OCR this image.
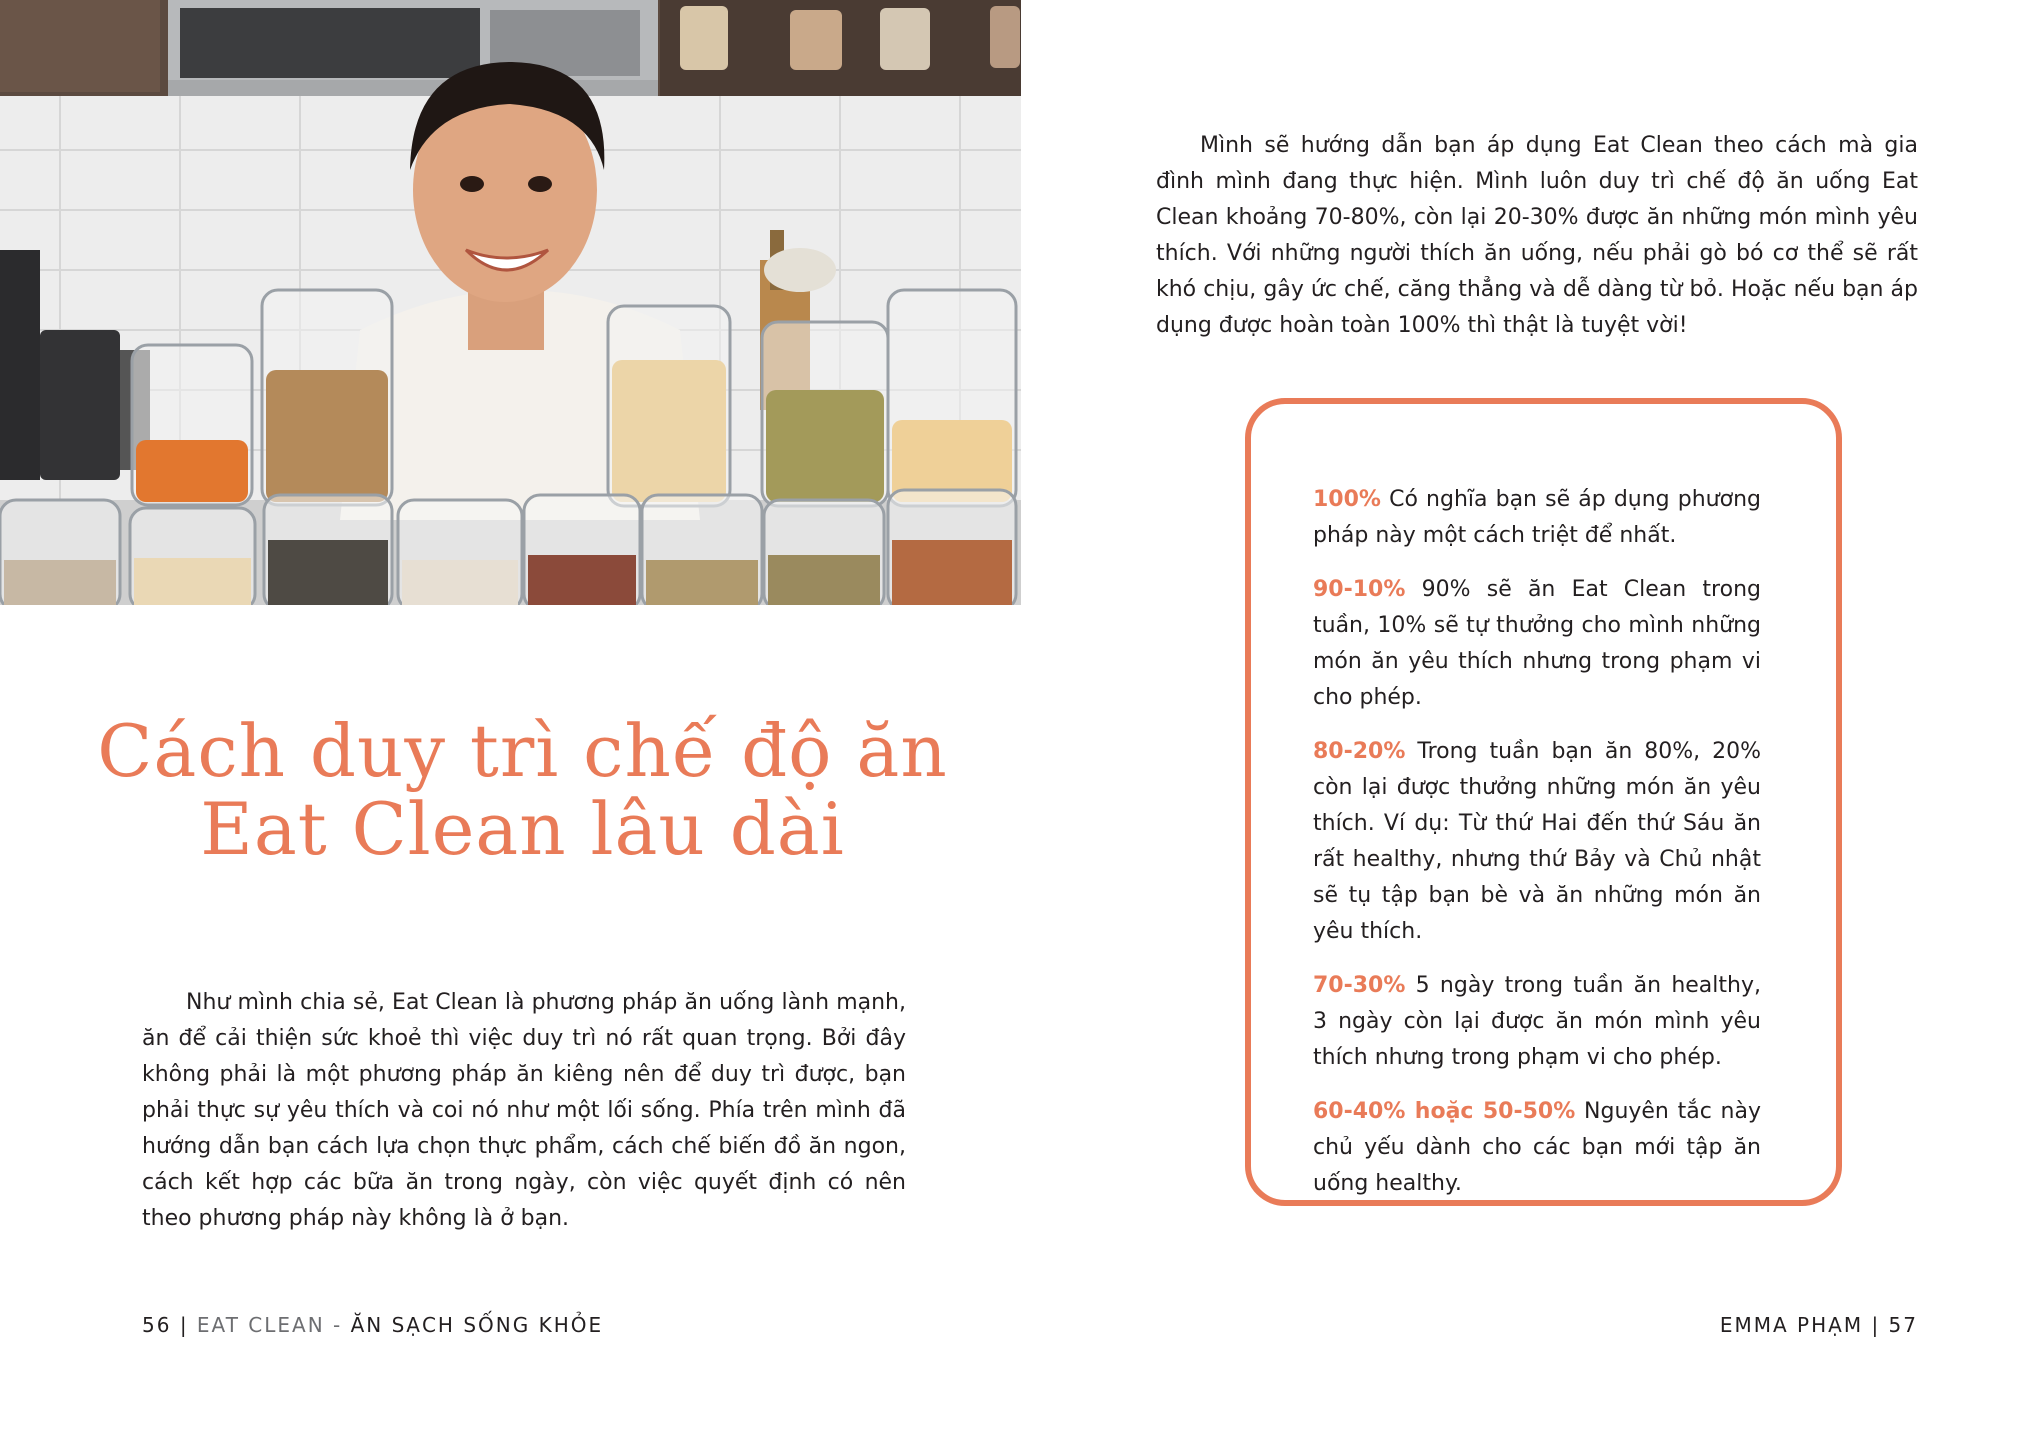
Cách duy trì chế độ ăn
Eat Clean lâu dài
Như mình chia sẻ, Eat Clean là phương pháp ăn uống lành mạnh, ăn để cải thiện sức khoẻ thì việc duy trì nó rất quan trọng. Bởi đây không phải là một phương pháp ăn kiêng nên để duy trì được, bạn phải thực sự yêu thích và coi nó như một lối sống. Phía trên mình đã hướng dẫn bạn cách lựa chọn thực phẩm, cách chế biến đồ ăn ngon, cách kết hợp các bữa ăn trong ngày, còn việc quyết định có nên theo phương pháp này không là ở bạn.
56 | EAT CLEAN - ĂN SẠCH SỐNG KHỎE
Mình sẽ hướng dẫn bạn áp dụng Eat Clean theo cách mà gia đình mình đang thực hiện. Mình luôn duy trì chế độ ăn uống Eat Clean khoảng 70-80%, còn lại 20-30% được ăn những món mình yêu thích. Với những người thích ăn uống, nếu phải gò bó cơ thể sẽ rất khó chịu, gây ức chế, căng thẳng và dễ dàng từ bỏ. Hoặc nếu bạn áp dụng được hoàn toàn 100% thì thật là tuyệt vời!

100% Có nghĩa bạn sẽ áp dụng phương pháp này một cách triệt để nhất.

90-10% 90% sẽ ăn Eat Clean trong tuần, 10% sẽ tự thưởng cho mình những món ăn yêu thích nhưng trong phạm vi cho phép.

80-20% Trong tuần bạn ăn 80%, 20% còn lại được thưởng những món ăn yêu thích. Ví dụ: Từ thứ Hai đến thứ Sáu ăn rất healthy, nhưng thứ Bảy và Chủ nhật sẽ tụ tập bạn bè và ăn những món ăn yêu thích.

70-30% 5 ngày trong tuần ăn healthy, 3 ngày còn lại được ăn món mình yêu thích nhưng trong phạm vi cho phép.

60-40% hoặc 50-50% Nguyên tắc này chủ yếu dành cho các bạn mới tập ăn uống healthy.

EMMA PHẠM | 57
